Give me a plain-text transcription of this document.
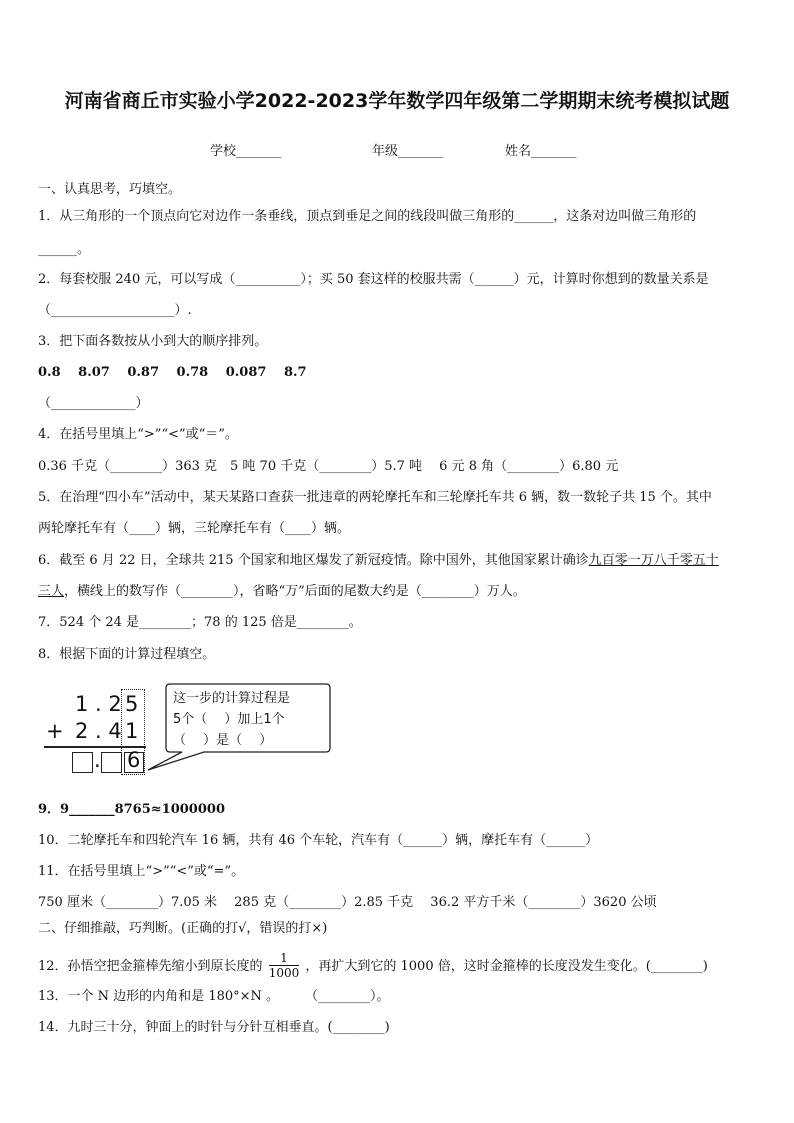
河南省商丘市实验小学2022-2023学年数学四年级第二学期期末统考模拟试题
学校_______	年级_______	姓名_______
一、认真思考，巧填空。
1．从三角形的一个顶点向它对边作一条垂线，顶点到垂足之间的线段叫做三角形的______，这条对边叫做三角形的
______。
2．每套校服 240 元，可以写成（__________）；买 50 套这样的校服共需（______）元，计算时你想到的数量关系是
（___________________）.
3．把下面各数按从小到大的顺序排列。
0.8　 8.07　 0.87　 0.78　 0.087　 8.7
（_____________）
4．在括号里填上“>”“<”或“＝”。
0.36 千克（________）363 克　5 吨 70 千克（________）5.7 吨　 6 元 8 角（________）6.80 元
5．在治理“四小车”活动中，某天某路口查获一批违章的两轮摩托车和三轮摩托车共 6 辆，数一数轮子共 15 个。其中
两轮摩托车有（____）辆，三轮摩托车有（____）辆。
6．截至 6 月 22 日，全球共 215 个国家和地区爆发了新冠疫情。除中国外，其他国家累计确诊九百零一万八千零五十
三人，横线上的数写作（________），省略“万”后面的尾数大约是（________）万人。
7．524 个 24 是________；78 的 125 倍是________。
8．根据下面的计算过程填空。
1 . 2 5
+ 2 . 4 1
. 6
这一步的计算过程是
5个（　 ）加上1个
（　 ）是（　 ）
9．9_______8765≈1000000
10．二轮摩托车和四轮汽车 16 辆，共有 46 个车轮，汽车有（______）辆，摩托车有（______）
11．在括号里填上“>”“<”或“=”。
750 厘米（________）7.05 米　 285 克（________）2.85 千克　 36.2 平方千米（________）3620 公顷
二、仔细推敲，巧判断。(正确的打√，错误的打×)
12．孙悟空把金箍棒先缩小到原长度的 $\frac{1}{1000}$ ，再扩大到它的 1000 倍，这时金箍棒的长度没发生变化。(________)
13．一个 N 边形的内角和是 180°×N 。　　　（________）。
14．九时三十分，钟面上的时针与分针互相垂直。(________)
